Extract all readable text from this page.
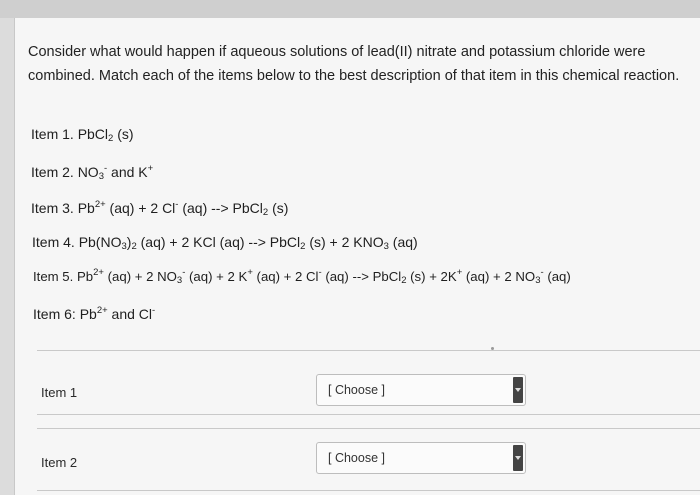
Consider what would happen if aqueous solutions of lead(II) nitrate and potassium chloride were combined. Match each of the items below to the best description of that item in this chemical reaction.
Item 1. PbCl$_2$ (s)
Item 2. $NO_3^-$ and K+
Item 3. $Pb^{2+}$ (aq) + 2 Cl- (aq) --> PbCl$_2$ (s)
Item 4. $Pb(NO_3)_2$ (aq) + 2 KCl (aq) --> PbCl$_2$ (s) + 2 $KNO_3$ (aq)
Item 5. $Pb^{2+}$ (aq) + 2 $NO_3^-$ (aq) + 2 K+ (aq) + 2 Cl- (aq) --> PbCl$_2$ (s) + 2K+ (aq) + 2 $NO_3^-$ (aq)
Item 6: $Pb^{2+}$ and Cl-
Item 1	[ Choose ]
Item 2	[ Choose ]
